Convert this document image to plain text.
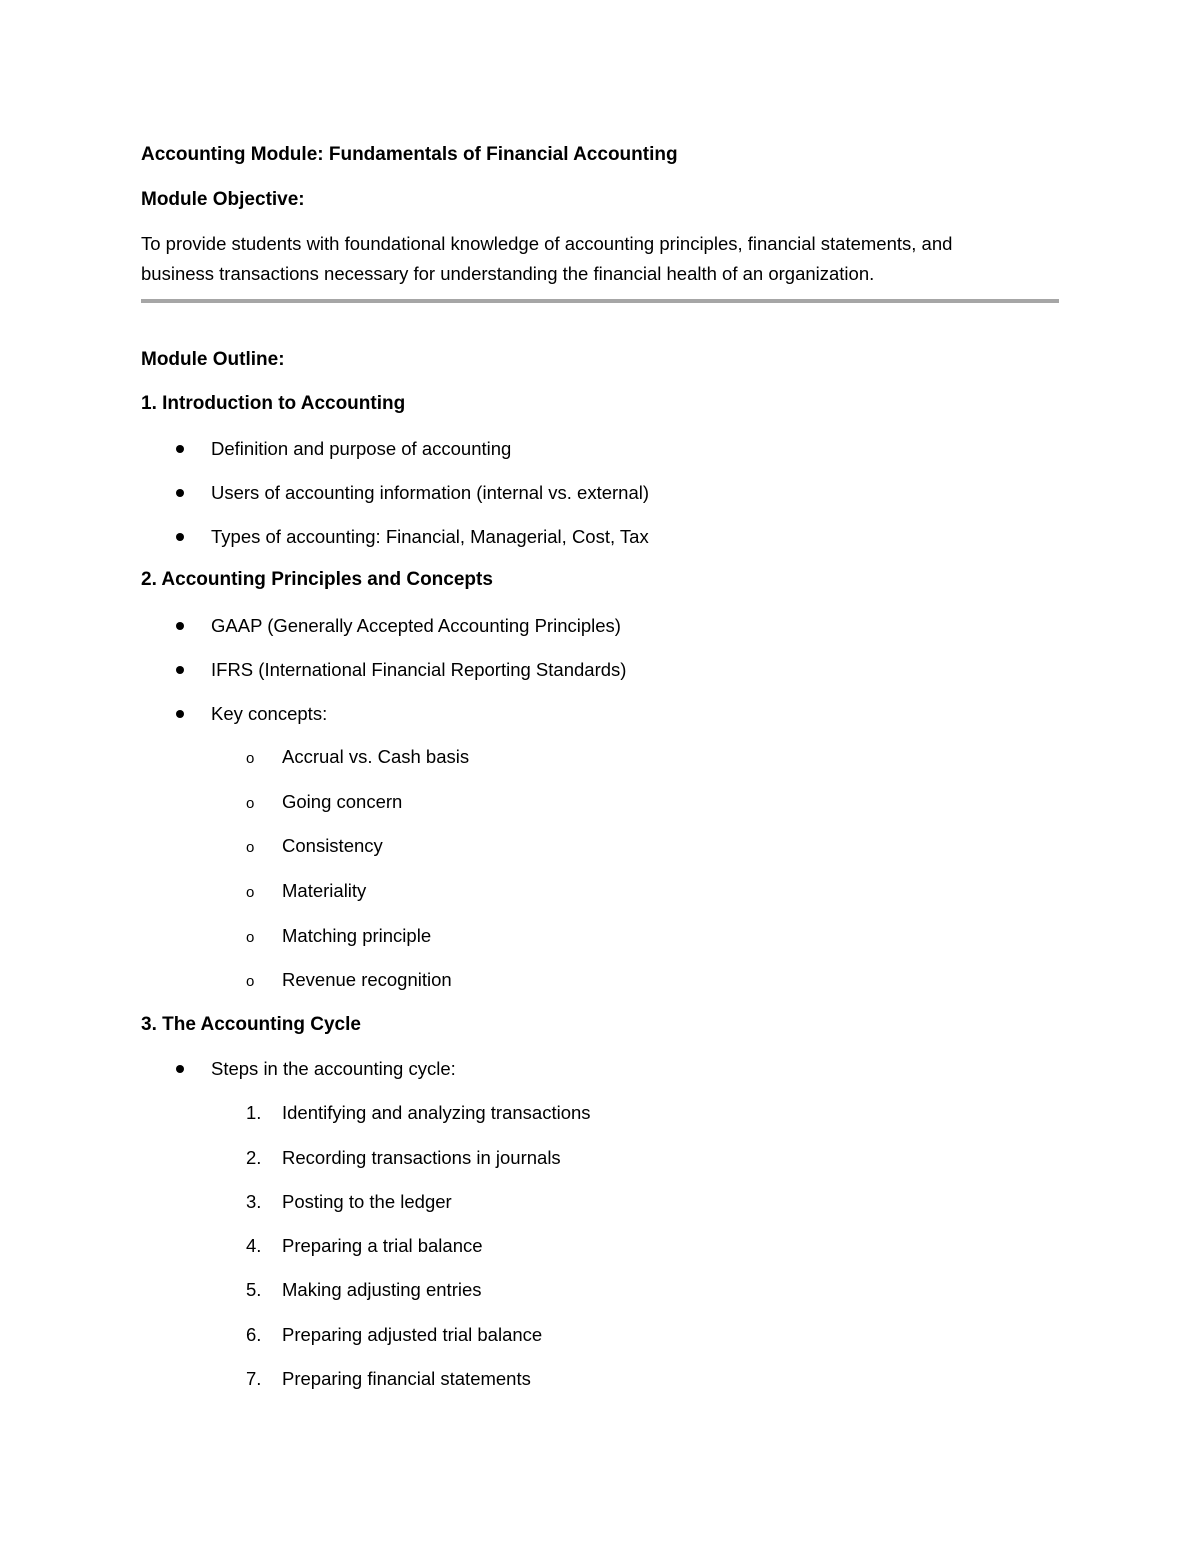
Accounting Module: Fundamentals of Financial Accounting
Module Objective:
To provide students with foundational knowledge of accounting principles, financial statements, and
business transactions necessary for understanding the financial health of an organization.
Module Outline:
1. Introduction to Accounting
Definition and purpose of accounting
Users of accounting information (internal vs. external)
Types of accounting: Financial, Managerial, Cost, Tax
2. Accounting Principles and Concepts
GAAP (Generally Accepted Accounting Principles)
IFRS (International Financial Reporting Standards)
Key concepts:
o Accrual vs. Cash basis
o Going concern
o Consistency
o Materiality
o Matching principle
o Revenue recognition
3. The Accounting Cycle
Steps in the accounting cycle:
1. Identifying and analyzing transactions
2. Recording transactions in journals
3. Posting to the ledger
4. Preparing a trial balance
5. Making adjusting entries
6. Preparing adjusted trial balance
7. Preparing financial statements
